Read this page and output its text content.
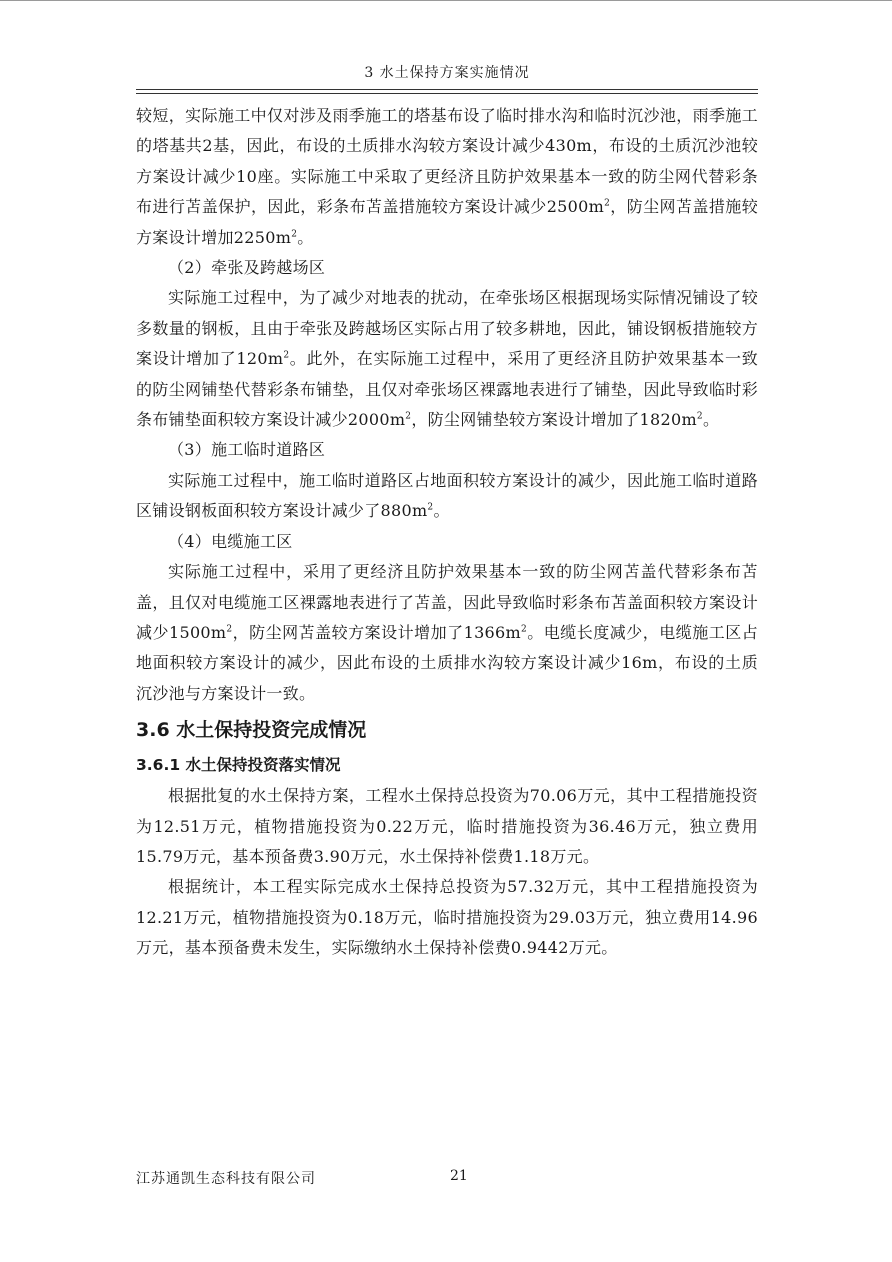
3 水土保持方案实施情况

较短，实际施工中仅对涉及雨季施工的塔基布设了临时排水沟和临时沉沙池，雨季施工的塔基共2基，因此，布设的土质排水沟较方案设计减少430m，布设的土质沉沙池较方案设计减少10座。实际施工中采取了更经济且防护效果基本一致的防尘网代替彩条布进行苫盖保护，因此，彩条布苫盖措施较方案设计减少$2500m^2$，防尘网苫盖措施较方案设计增加$2250m^2$。

（2）牵张及跨越场区

实际施工过程中，为了减少对地表的扰动，在牵张场区根据现场实际情况铺设了较多数量的钢板，且由于牵张及跨越场区实际占用了较多耕地，因此，铺设钢板措施较方案设计增加了$120m^2$。此外，在实际施工过程中，采用了更经济且防护效果基本一致的防尘网铺垫代替彩条布铺垫，且仅对牵张场区裸露地表进行了铺垫，因此导致临时彩条布铺垫面积较方案设计减少$2000m^2$，防尘网铺垫较方案设计增加了$1820m^2$。

（3）施工临时道路区

实际施工过程中，施工临时道路区占地面积较方案设计的减少，因此施工临时道路区铺设钢板面积较方案设计减少了$880m^2$。

（4）电缆施工区

实际施工过程中，采用了更经济且防护效果基本一致的防尘网苫盖代替彩条布苫盖，且仅对电缆施工区裸露地表进行了苫盖，因此导致临时彩条布苫盖面积较方案设计减少$1500m^2$，防尘网苫盖较方案设计增加了$1366m^2$。电缆长度减少，电缆施工区占地面积较方案设计的减少，因此布设的土质排水沟较方案设计减少16m，布设的土质沉沙池与方案设计一致。

3.6 水土保持投资完成情况
3.6.1 水土保持投资落实情况

根据批复的水土保持方案，工程水土保持总投资为70.06万元，其中工程措施投资为12.51万元，植物措施投资为0.22万元，临时措施投资为36.46万元，独立费用15.79万元，基本预备费3.90万元，水土保持补偿费1.18万元。

根据统计，本工程实际完成水土保持总投资为57.32万元，其中工程措施投资为12.21万元，植物措施投资为0.18万元，临时措施投资为29.03万元，独立费用14.96万元，基本预备费未发生，实际缴纳水土保持补偿费0.9442万元。

江苏通凯生态科技有限公司	21
